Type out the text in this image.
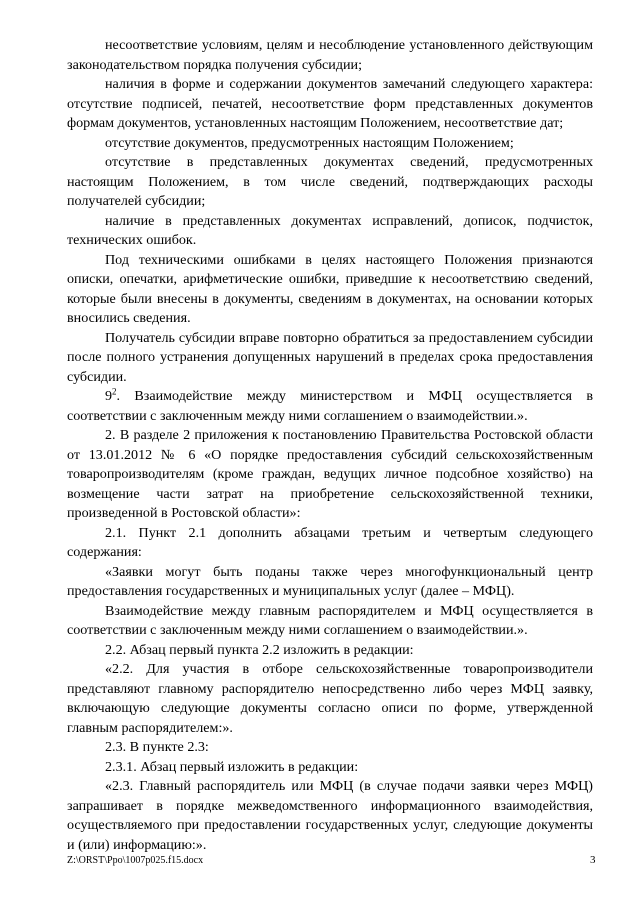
несоответствие условиям, целям и несоблюдение установленного действующим законодательством порядка получения субсидии;

наличия в форме и содержании документов замечаний следующего характера: отсутствие подписей, печатей, несоответствие форм представленных документов формам документов, установленных настоящим Положением, несоответствие дат;

отсутствие документов, предусмотренных настоящим Положением;

отсутствие в представленных документах сведений, предусмотренных настоящим Положением, в том числе сведений, подтверждающих расходы получателей субсидии;

наличие в представленных документах исправлений, дописок, подчисток, технических ошибок.

Под техническими ошибками в целях настоящего Положения признаются описки, опечатки, арифметические ошибки, приведшие к несоответствию сведений, которые были внесены в документы, сведениям в документах, на основании которых вносились сведения.

Получатель субсидии вправе повторно обратиться за предоставлением субсидии после полного устранения допущенных нарушений в пределах срока предоставления субсидии.

$9^2$. Взаимодействие между министерством и МФЦ осуществляется в соответствии с заключенным между ними соглашением о взаимодействии.».

2. В разделе 2 приложения к постановлению Правительства Ростовской области от 13.01.2012 № 6 «О порядке предоставления субсидий сельскохозяйственным товаропроизводителям (кроме граждан, ведущих личное подсобное хозяйство) на возмещение части затрат на приобретение сельскохозяйственной техники, произведенной в Ростовской области»:

2.1. Пункт 2.1 дополнить абзацами третьим и четвертым следующего содержания:

«Заявки могут быть поданы также через многофункциональный центр предоставления государственных и муниципальных услуг (далее – МФЦ).

Взаимодействие между главным распорядителем и МФЦ осуществляется в соответствии с заключенным между ними соглашением о взаимодействии.».

2.2. Абзац первый пункта 2.2 изложить в редакции:

«2.2. Для участия в отборе сельскохозяйственные товаропроизводители представляют главному распорядителю непосредственно либо через МФЦ заявку, включающую следующие документы согласно описи по форме, утвержденной главным распорядителем:».

2.3. В пункте 2.3:

2.3.1. Абзац первый изложить в редакции:

«2.3. Главный распорядитель или МФЦ (в случае подачи заявки через МФЦ) запрашивает в порядке межведомственного информационного взаимодействия, осуществляемого при предоставлении государственных услуг, следующие документы и (или) информацию:».

Z:\ORST\Ppo\1007p025.f15.docx	3
